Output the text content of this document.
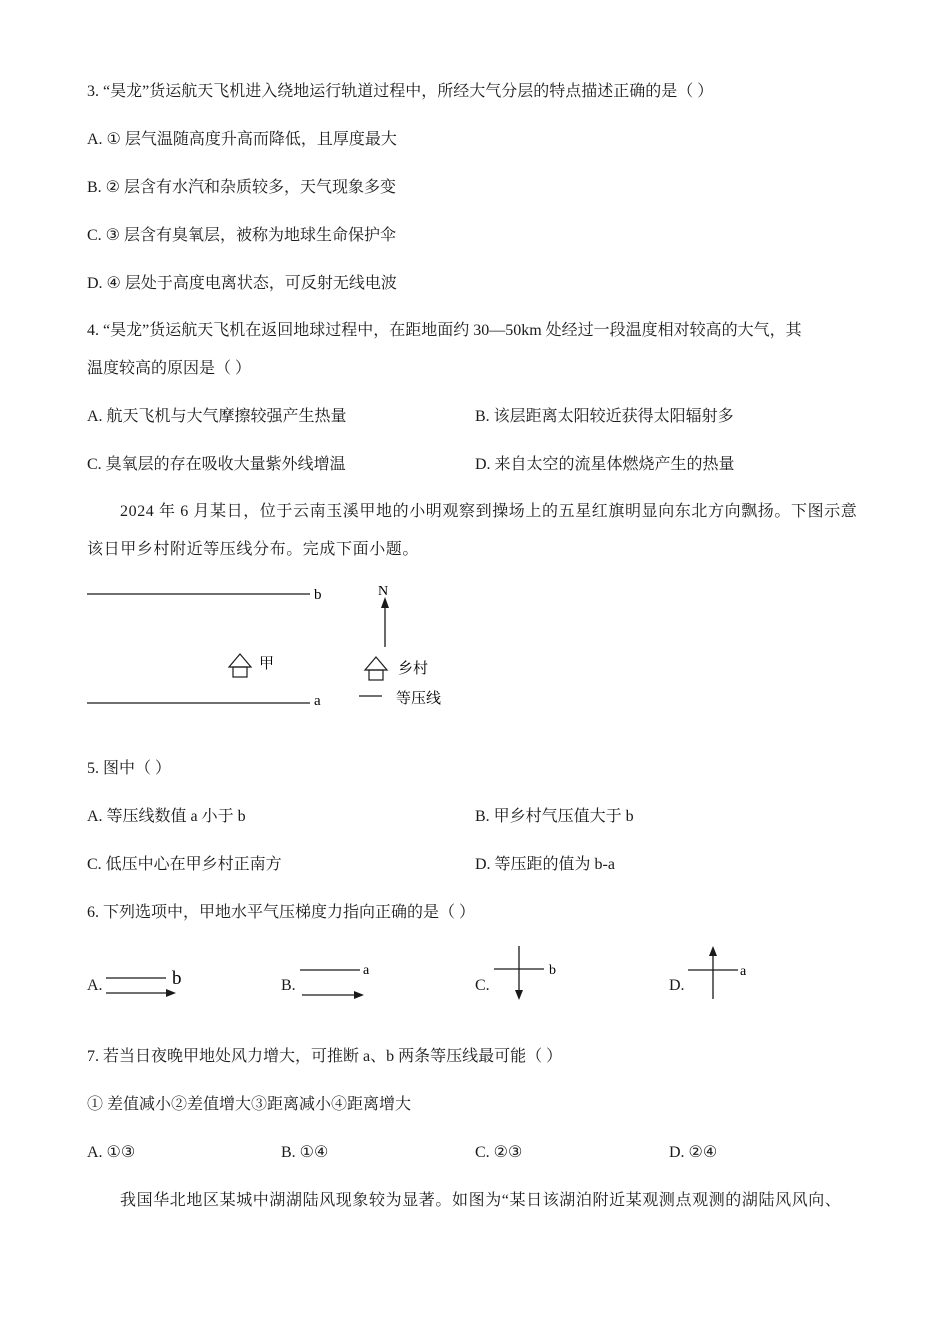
3. “昊龙”货运航天飞机进入绕地运行轨道过程中，所经大气分层的特点描述正确的是（ ）
A. ① 层气温随高度升高而降低，且厚度最大
B. ② 层含有水汽和杂质较多，天气现象多变
C. ③ 层含有臭氧层，被称为地球生命保护伞
D. ④ 层处于高度电离状态，可反射无线电波
4. “昊龙”货运航天飞机在返回地球过程中，在距地面约 30—50km 处经过一段温度相对较高的大气，其
温度较高的原因是（ ）
A. 航天飞机与大气摩擦较强产生热量	B. 该层距离太阳较近获得太阳辐射多
C. 臭氧层的存在吸收大量紫外线增温	D. 来自太空的流星体燃烧产生的热量
2024 年 6 月某日，位于云南玉溪甲地的小明观察到操场上的五星红旗明显向东北方向飘扬。下图示意
该日甲乡村附近等压线分布。完成下面小题。
b
a
甲
N
乡村
等压线
5. 图中（ ）
A. 等压线数值 a 小于 b	B. 甲乡村气压值大于 b
C. 低压中心在甲乡村正南方	D. 等压距的值为 b-a
6. 下列选项中，甲地水平气压梯度力指向正确的是（ ）
A.	b	B.
a
C.
b
D.
a
7. 若当日夜晚甲地处风力增大，可推断 a、b 两条等压线最可能（ ）
① 差值减小②差值增大③距离减小④距离增大
A. ①③	B. ①④	C. ②③	D. ②④
我国华北地区某城中湖湖陆风现象较为显著。如图为“某日该湖泊附近某观测点观测的湖陆风风向、
